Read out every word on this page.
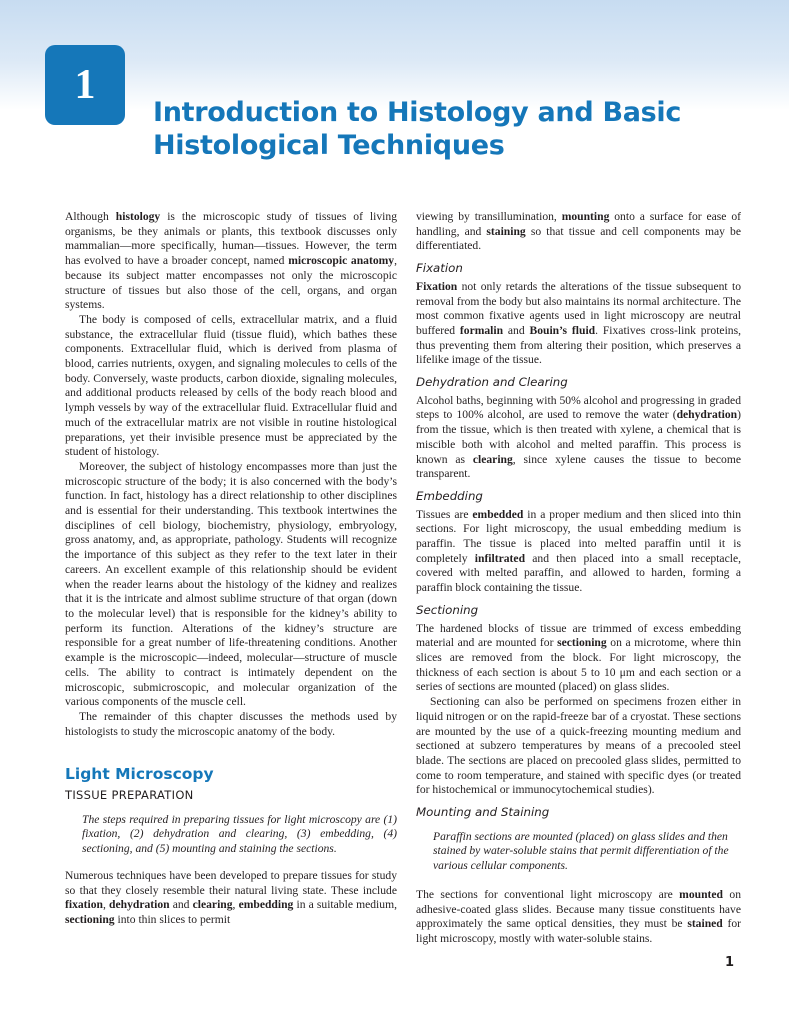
1
Introduction to Histology and Basic Histological Techniques

Although histology is the microscopic study of tissues of living organisms, be they animals or plants, this textbook discusses only mammalian—more specifically, human—tissues. However, the term has evolved to have a broader concept, named microscopic anatomy, because its subject matter encompasses not only the microscopic structure of tissues but also those of the cell, organs, and organ systems.

The body is composed of cells, extracellular matrix, and a fluid substance, the extracellular fluid (tissue fluid), which bathes these components. Extracellular fluid, which is derived from plasma of blood, carries nutrients, oxygen, and signaling molecules to cells of the body. Conversely, waste products, carbon dioxide, signaling molecules, and additional products released by cells of the body reach blood and lymph vessels by way of the extracellular fluid. Extracellular fluid and much of the extracellular matrix are not visible in routine histological preparations, yet their invisible presence must be appreciated by the student of histology.

Moreover, the subject of histology encompasses more than just the microscopic structure of the body; it is also concerned with the body’s function. In fact, histology has a direct relationship to other disciplines and is essential for their understanding. This textbook intertwines the disciplines of cell biology, biochemistry, physiology, embryology, gross anatomy, and, as appropriate, pathology. Students will recognize the importance of this subject as they refer to the text later in their careers. An excellent example of this relationship should be evident when the reader learns about the histology of the kidney and realizes that it is the intricate and almost sublime structure of that organ (down to the molecular level) that is responsible for the kidney’s ability to perform its function. Alterations of the kidney’s structure are responsible for a great number of life-threatening conditions. Another example is the microscopic—indeed, molecular—structure of muscle cells. The ability to contract is intimately dependent on the microscopic, submicroscopic, and molecular organization of the various components of the muscle cell.

The remainder of this chapter discusses the methods used by histologists to study the microscopic anatomy of the body.

Light Microscopy
TISSUE PREPARATION

The steps required in preparing tissues for light microscopy are (1) fixation, (2) dehydration and clearing, (3) embedding, (4) sectioning, and (5) mounting and staining the sections.

Numerous techniques have been developed to prepare tissues for study so that they closely resemble their natural living state. These include fixation, dehydration and clearing, embedding in a suitable medium, sectioning into thin slices to permit

viewing by transillumination, mounting onto a surface for ease of handling, and staining so that tissue and cell components may be differentiated.

Fixation

Fixation not only retards the alterations of the tissue subsequent to removal from the body but also maintains its normal architecture. The most common fixative agents used in light microscopy are neutral buffered formalin and Bouin’s fluid. Fixatives cross-link proteins, thus preventing them from altering their position, which preserves a lifelike image of the tissue.

Dehydration and Clearing

Alcohol baths, beginning with 50% alcohol and progressing in graded steps to 100% alcohol, are used to remove the water (dehydration) from the tissue, which is then treated with xylene, a chemical that is miscible both with alcohol and melted paraffin. This process is known as clearing, since xylene causes the tissue to become transparent.

Embedding

Tissues are embedded in a proper medium and then sliced into thin sections. For light microscopy, the usual embedding medium is paraffin. The tissue is placed into melted paraffin until it is completely infiltrated and then placed into a small receptacle, covered with melted paraffin, and allowed to harden, forming a paraffin block containing the tissue.

Sectioning

The hardened blocks of tissue are trimmed of excess embedding material and are mounted for sectioning on a microtome, where thin slices are removed from the block. For light microscopy, the thickness of each section is about 5 to 10 μm and each section or a series of sections are mounted (placed) on glass slides.

Sectioning can also be performed on specimens frozen either in liquid nitrogen or on the rapid-freeze bar of a cryostat. These sections are mounted by the use of a quick-freezing mounting medium and sectioned at subzero temperatures by means of a precooled steel blade. The sections are placed on precooled glass slides, permitted to come to room temperature, and stained with specific dyes (or treated for histochemical or immunocytochemical studies).

Mounting and Staining

Paraffin sections are mounted (placed) on glass slides and then stained by water-soluble stains that permit differentiation of the various cellular components.

The sections for conventional light microscopy are mounted on adhesive-coated glass slides. Because many tissue constituents have approximately the same optical densities, they must be stained for light microscopy, mostly with water-soluble stains.

1
